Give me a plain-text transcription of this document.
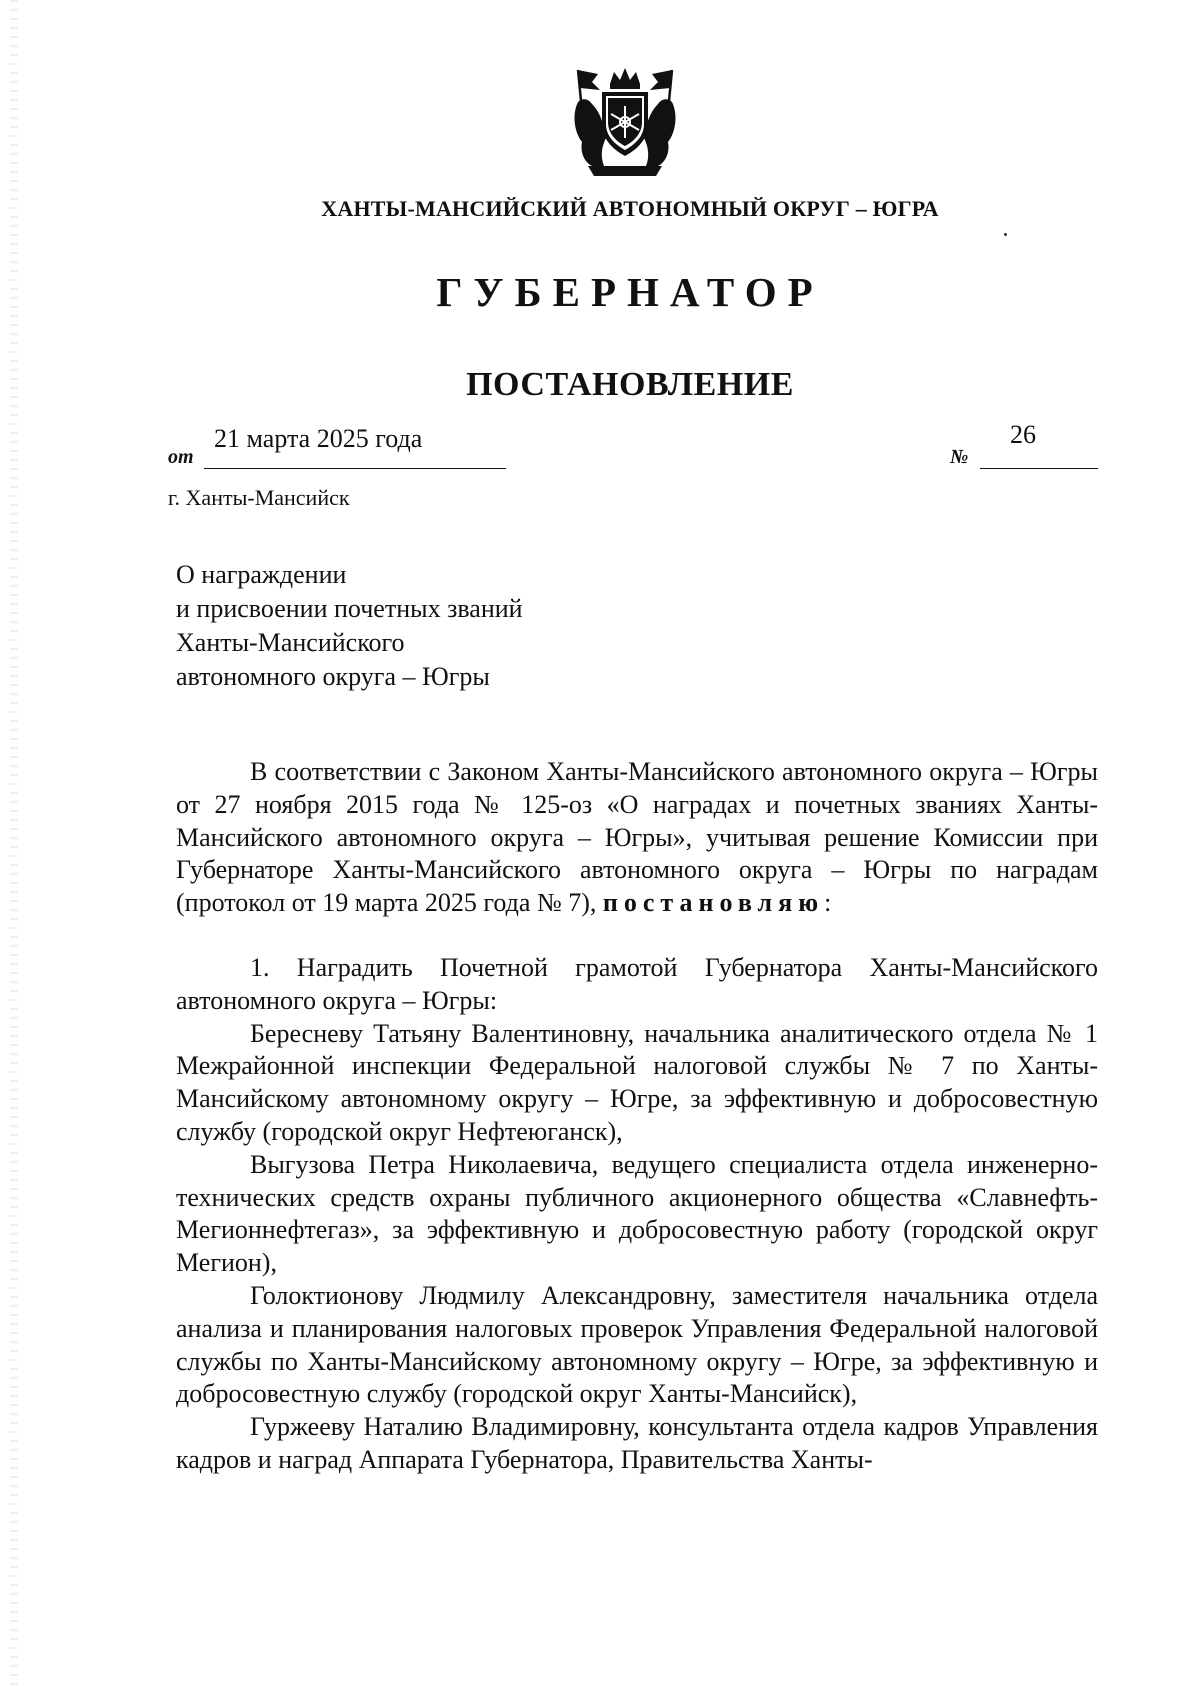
ХАНТЫ-МАНСИЙСКИЙ АВТОНОМНЫЙ ОКРУГ – ЮГРА
ГУБЕРНАТОР
ПОСТАНОВЛЕНИЕ
от
21 марта 2025 года
№
26
г. Ханты-Мансийск
О награждении
и присвоении почетных званий
Ханты-Мансийского
автономного округа – Югры

В соответствии с Законом Ханты-Мансийского автономного округа – Югры от 27 ноября 2015 года № 125-оз «О наградах и почетных званиях Ханты-Мансийского автономного округа – Югры», учитывая решение Комиссии при Губернаторе Ханты-Мансийского автономного округа – Югры по наградам (протокол от 19 марта 2025 года № 7), постановляю:

1. Наградить Почетной грамотой Губернатора Ханты-Мансийского автономного округа – Югры:

Бересневу Татьяну Валентиновну, начальника аналитического отдела № 1 Межрайонной инспекции Федеральной налоговой службы № 7 по Ханты-Мансийскому автономному округу – Югре, за эффективную и добросовестную службу (городской округ Нефтеюганск),

Выгузова Петра Николаевича, ведущего специалиста отдела инженерно-технических средств охраны публичного акционерного общества «Славнефть-Мегионнефтегаз», за эффективную и добросовестную работу (городской округ Мегион),

Голоктионову Людмилу Александровну, заместителя начальника отдела анализа и планирования налоговых проверок Управления Федеральной налоговой службы по Ханты-Мансийскому автономному округу – Югре, за эффективную и добросовестную службу (городской округ Ханты-Мансийск),

Гуржееву Наталию Владимировну, консультанта отдела кадров Управления кадров и наград Аппарата Губернатора, Правительства Ханты-
